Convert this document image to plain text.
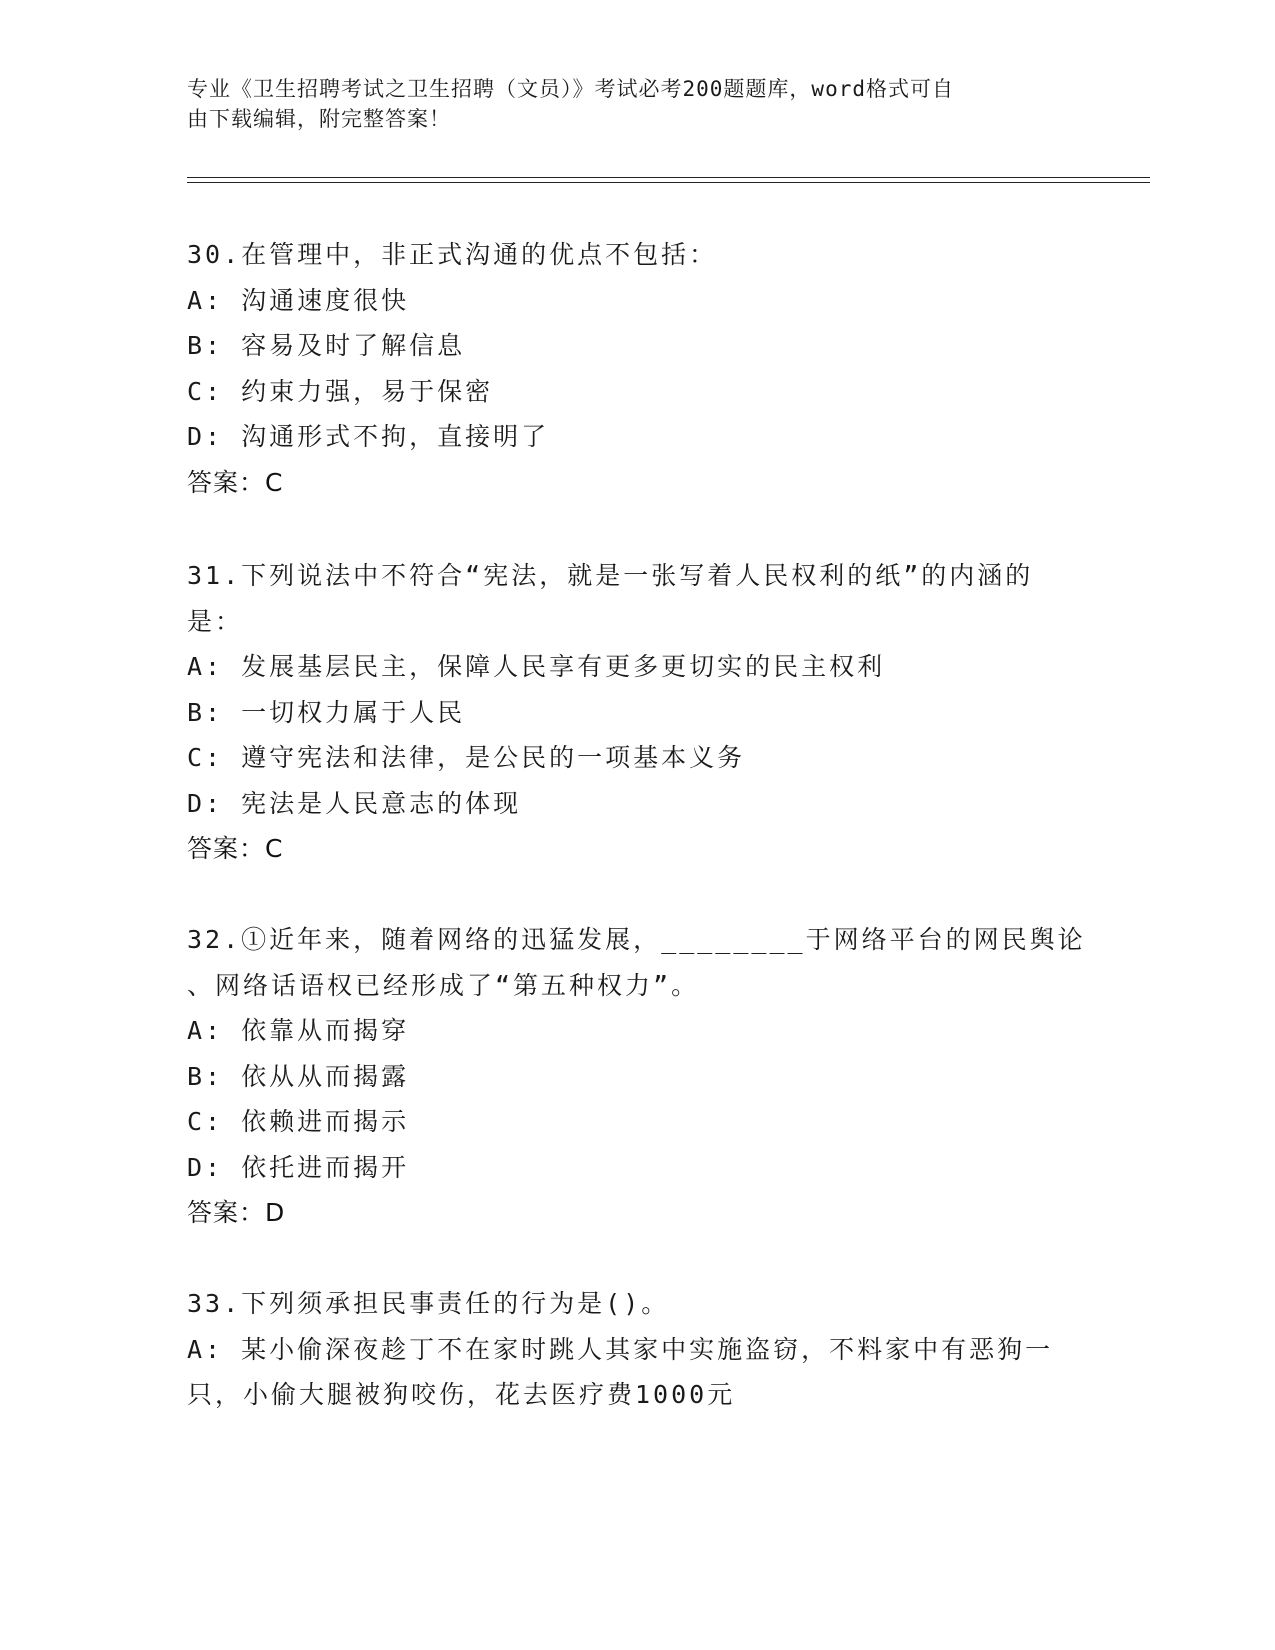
专业《卫生招聘考试之卫生招聘（文员）》考试必考200题题库，word格式可自
由下载编辑，附完整答案！
30.在管理中，非正式沟通的优点不包括：
A: 沟通速度很快
B: 容易及时了解信息
C: 约束力强，易于保密
D: 沟通形式不拘，直接明了
答案：C
31.下列说法中不符合“宪法，就是一张写着人民权利的纸”的内涵的
是：
A: 发展基层民主，保障人民享有更多更切实的民主权利
B: 一切权力属于人民
C: 遵守宪法和法律，是公民的一项基本义务
D: 宪法是人民意志的体现
答案：C
32.①近年来，随着网络的迅猛发展，________于网络平台的网民舆论
、网络话语权已经形成了“第五种权力”。
A: 依靠从而揭穿
B: 依从从而揭露
C: 依赖进而揭示
D: 依托进而揭开
答案：D
33.下列须承担民事责任的行为是()。
A: 某小偷深夜趁丁不在家时跳人其家中实施盗窃，不料家中有恶狗一
只，小偷大腿被狗咬伤，花去医疗费1000元
